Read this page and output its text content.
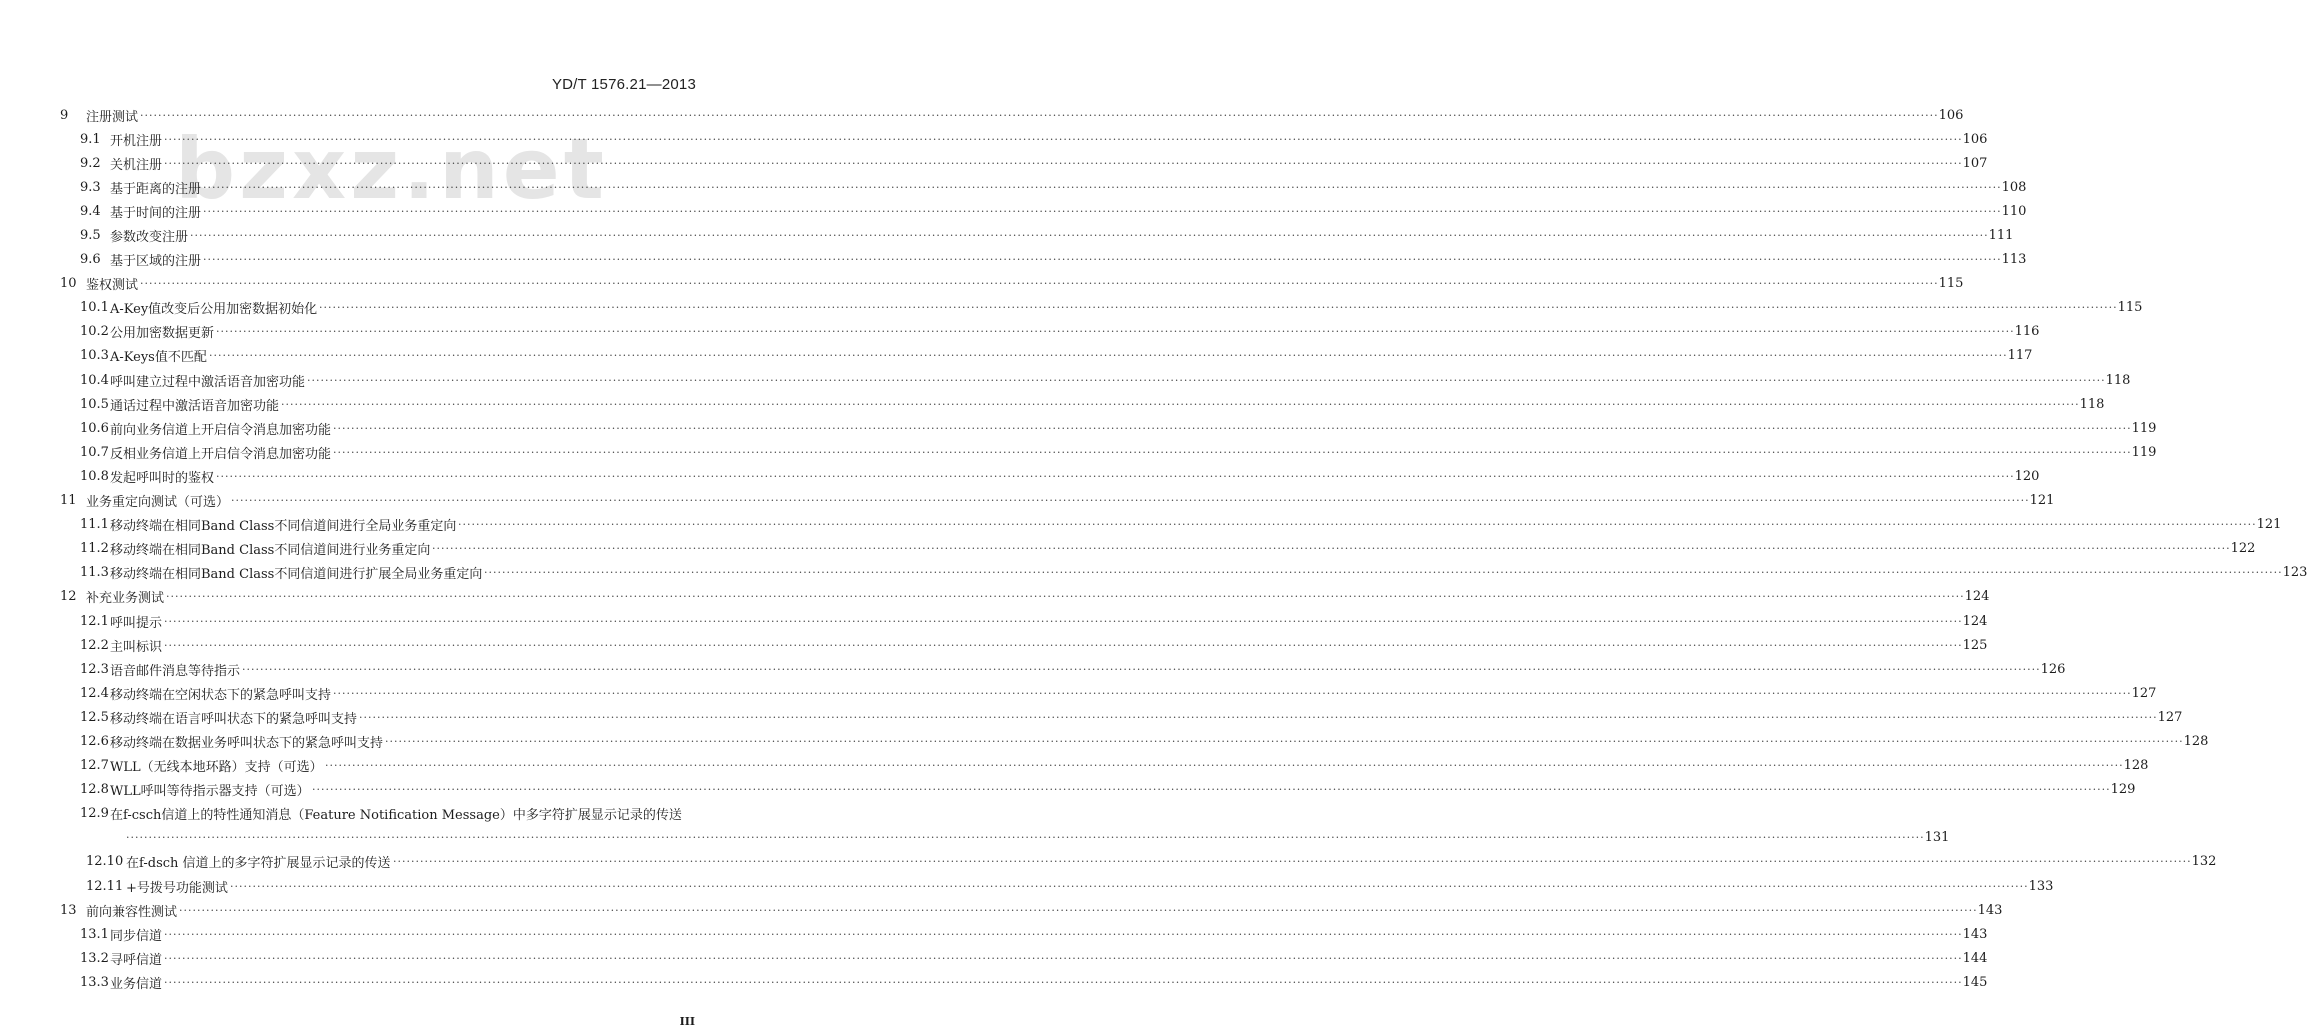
YD/T 1576.21—2013
bzxz.net
9 注册测试 ················································································································································································································································································································································································································ 106
9.1 开机注册 ················································································································································································································································································································································································································ 106
9.2 关机注册 ················································································································································································································································································································································································································ 107
9.3 基于距离的注册 ················································································································································································································································································································································································································ 108
9.4 基于时间的注册 ················································································································································································································································································································································································································ 110
9.5 参数改变注册 ················································································································································································································································································································································································································ 111
9.6 基于区域的注册 ················································································································································································································································································································································································································ 113
10 鉴权测试 ················································································································································································································································································································································································································ 115
10.1 A-Key值改变后公用加密数据初始化 ················································································································································································································································································································································································································ 115
10.2 公用加密数据更新 ················································································································································································································································································································································································································ 116
10.3 A-Keys值不匹配 ················································································································································································································································································································································································································ 117
10.4 呼叫建立过程中激活语音加密功能 ················································································································································································································································································································································································································ 118
10.5 通话过程中激活语音加密功能 ················································································································································································································································································································································································································ 118
10.6 前向业务信道上开启信令消息加密功能 ················································································································································································································································································································································································································ 119
10.7 反相业务信道上开启信令消息加密功能 ················································································································································································································································································································································································································ 119
10.8 发起呼叫时的鉴权 ················································································································································································································································································································································································································ 120
11 业务重定向测试（可选） ················································································································································································································································································································································································································ 121
11.1 移动终端在相同Band Class不同信道间进行全局业务重定向 ················································································································································································································································································································································································································ 121
11.2 移动终端在相同Band Class不同信道间进行业务重定向 ················································································································································································································································································································································································································ 122
11.3 移动终端在相同Band Class不同信道间进行扩展全局业务重定向 ················································································································································································································································································································································································································ 123
12 补充业务测试 ················································································································································································································································································································································································································ 124
12.1 呼叫提示 ················································································································································································································································································································································································································ 124
12.2 主叫标识 ················································································································································································································································································································································································································ 125
12.3 语音邮件消息等待指示 ················································································································································································································································································································································································································ 126
12.4 移动终端在空闲状态下的紧急呼叫支持 ················································································································································································································································································································································································································ 127
12.5 移动终端在语言呼叫状态下的紧急呼叫支持 ················································································································································································································································································································································································································ 127
12.6 移动终端在数据业务呼叫状态下的紧急呼叫支持 ················································································································································································································································································································································································································ 128
12.7 WLL（无线本地环路）支持（可选） ················································································································································································································································································································································································································ 128
12.8 WLL呼叫等待指示器支持（可选） ················································································································································································································································································································································································································ 129
12.9 在f-csch信道上的特性通知消息（Feature Notification Message）中多字符扩展显示记录的传送
················································································································································································································································································································································································································ 131
12.10 在f-dsch 信道上的多字符扩展显示记录的传送 ················································································································································································································································································································································································································ 132
12.11 +号拨号功能测试 ················································································································································································································································································································································································································ 133
13 前向兼容性测试 ················································································································································································································································································································································································································ 143
13.1 同步信道 ················································································································································································································································································································································································································ 143
13.2 寻呼信道 ················································································································································································································································································································································································································ 144
13.3 业务信道 ················································································································································································································································································································································································································ 145
III
